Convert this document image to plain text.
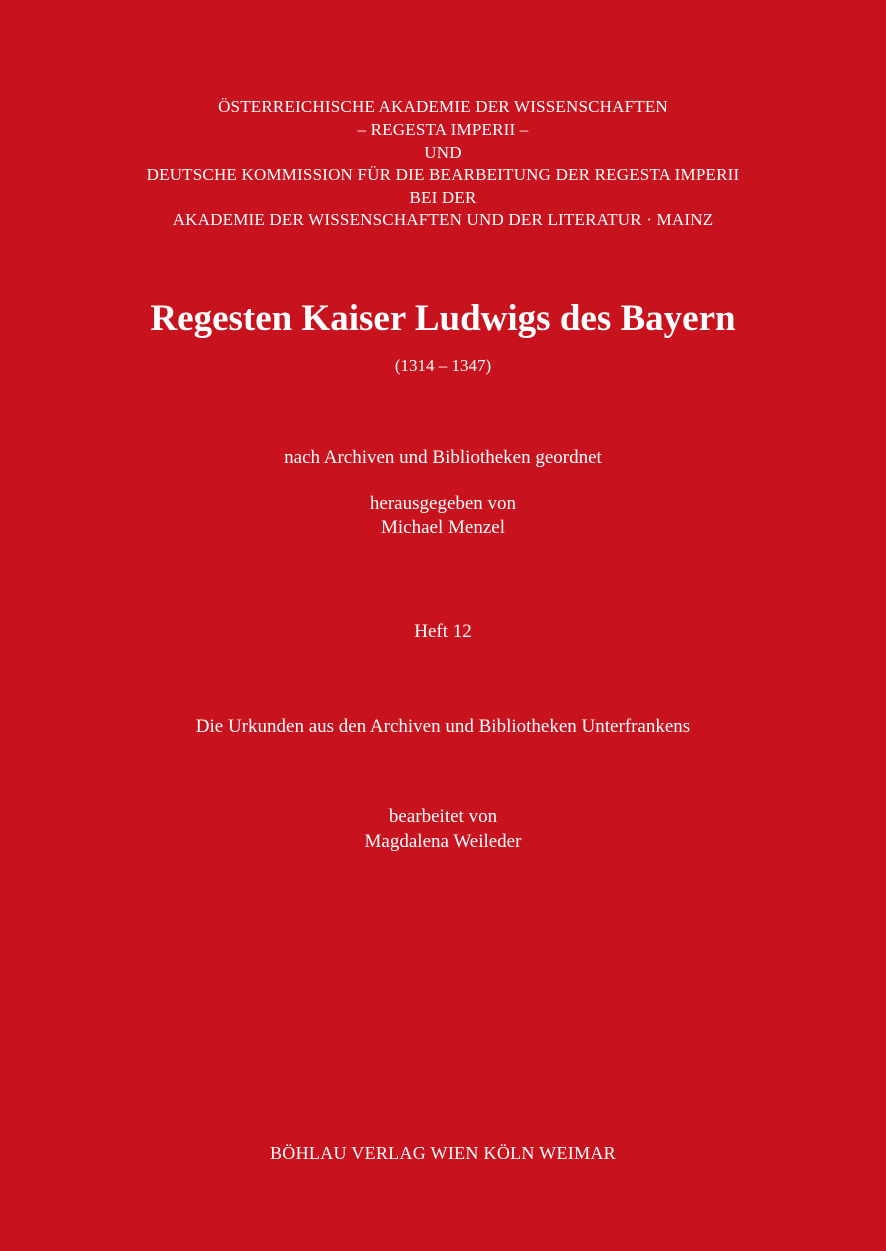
ÖSTERREICHISCHE AKADEMIE DER WISSENSCHAFTEN
– REGESTA IMPERII –
UND
DEUTSCHE KOMMISSION FÜR DIE BEARBEITUNG DER REGESTA IMPERII
BEI DER
AKADEMIE DER WISSENSCHAFTEN UND DER LITERATUR · MAINZ
Regesten Kaiser Ludwigs des Bayern
(1314 – 1347)
nach Archiven und Bibliotheken geordnet
herausgegeben von
Michael Menzel
Heft 12
Die Urkunden aus den Archiven und Bibliotheken Unterfrankens
bearbeitet von
Magdalena Weileder
BÖHLAU VERLAG WIEN KÖLN WEIMAR
